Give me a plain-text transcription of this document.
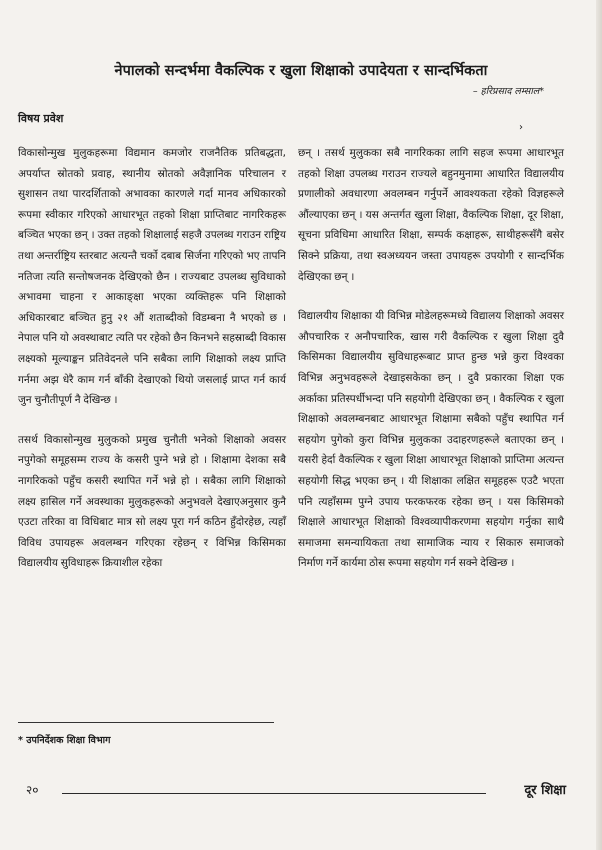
नेपालको सन्दर्भमा वैकल्पिक र खुला शिक्षाको उपादेयता र सान्दर्भिकता
– हरिप्रसाद लम्साल*
विषय प्रवेश
›

विकासोन्मुख मुलुकहरूमा विद्यमान कमजोर राजनैतिक प्रतिबद्धता, अपर्याप्त स्रोतको प्रवाह, स्थानीय स्रोतको अवैज्ञानिक परिचालन र सुशासन तथा पारदर्शिताको अभावका कारणले गर्दा मानव अधिकारको रूपमा स्वीकार गरिएको आधारभूत तहको शिक्षा प्राप्तिबाट नागरिकहरू बञ्चित भएका छन् । उक्त तहको शिक्षालाई सहजै उपलब्ध गराउन राष्ट्रिय तथा अन्तर्राष्ट्रिय स्तरबाट अत्यन्तै चर्को दबाब सिर्जना गरिएको भए तापनि नतिजा त्यति सन्तोषजनक देखिएको छैन । राज्यबाट उपलब्ध सुविधाको अभावमा चाहना र आकाङ्क्षा भएका व्यक्तिहरू पनि शिक्षाको अधिकारबाट बञ्चित हुनु २१ औं शताब्दीको विडम्बना नै भएको छ । नेपाल पनि यो अवस्थाबाट त्यति पर रहेको छैन किनभने सहस्राब्दी विकास लक्ष्यको मूल्याङ्कन प्रतिवेदनले पनि सबैका लागि शिक्षाको लक्ष्य प्राप्ति गर्नमा अझ धेरै काम गर्न बाँकी देखाएको थियो जसलाई प्राप्त गर्न कार्य जुन चुनौतीपूर्ण नै देखिन्छ ।

तसर्थ विकासोन्मुख मुलुकको प्रमुख चुनौती भनेको शिक्षाको अवसर नपुगेको समूहसम्म राज्य के कसरी पुग्ने भन्ने हो । शिक्षामा देशका सबै नागरिकको पहुँच कसरी स्थापित गर्ने भन्ने हो । सबैका लागि शिक्षाको लक्ष्य हासिल गर्ने अवस्थाका मुलुकहरूको अनुभवले देखाएअनुसार कुनै एउटा तरिका वा विधिबाट मात्र सो लक्ष्य पूरा गर्न कठिन हुँदोरहेछ, त्यहाँ विविध उपायहरू अवलम्बन गरिएका रहेछन् र विभिन्न किसिमका विद्यालयीय सुविधाहरू क्रियाशील रहेका

छन् । तसर्थ मुलुकका सबै नागरिकका लागि सहज रूपमा आधारभूत तहको शिक्षा उपलब्ध गराउन राज्यले बहुनमुनामा आधारित विद्यालयीय प्रणालीको अवधारणा अवलम्बन गर्नुपर्ने आवश्यकता रहेको विज्ञहरूले औंल्याएका छन् । यस अन्तर्गत खुला शिक्षा, वैकल्पिक शिक्षा, दूर शिक्षा, सूचना प्रविधिमा आधारित शिक्षा, सम्पर्क कक्षाहरू, साथीहरूसँगै बसेर सिक्ने प्रक्रिया, तथा स्वअध्ययन जस्ता उपायहरू उपयोगी र सान्दर्भिक देखिएका छन् ।

विद्यालयीय शिक्षाका यी विभिन्न मोडेलहरूमध्ये विद्यालय शिक्षाको अवसर औपचारिक र अनौपचारिक, खास गरी वैकल्पिक र खुला शिक्षा दुवै किसिमका विद्यालयीय सुविधाहरूबाट प्राप्त हुन्छ भन्ने कुरा विश्वका विभिन्न अनुभवहरूले देखाइसकेका छन् । दुवै प्रकारका शिक्षा एक अर्काका प्रतिस्पर्धीभन्दा पनि सहयोगी देखिएका छन् । वैकल्पिक र खुला शिक्षाको अवलम्बनबाट आधारभूत शिक्षामा सबैको पहुँच स्थापित गर्न सहयोग पुगेको कुरा विभिन्न मुलुकका उदाहरणहरूले बताएका छन् । यसरी हेर्दा वैकल्पिक र खुला शिक्षा आधारभूत शिक्षाको प्राप्तिमा अत्यन्त सहयोगी सिद्ध भएका छन् । यी शिक्षाका लक्षित समूहहरू एउटै भएता पनि त्यहाँसम्म पुग्ने उपाय फरकफरक रहेका छन् । यस किसिमको शिक्षाले आधारभूत शिक्षाको विश्वव्यापीकरणमा सहयोग गर्नुका साथै समाजमा समन्यायिकता तथा सामाजिक न्याय र सिकारु समाजको निर्माण गर्ने कार्यमा ठोस रूपमा सहयोग गर्न सक्ने देखिन्छ ।

* उपनिर्देशक शिक्षा विभाग
२०	दूर शिक्षा
